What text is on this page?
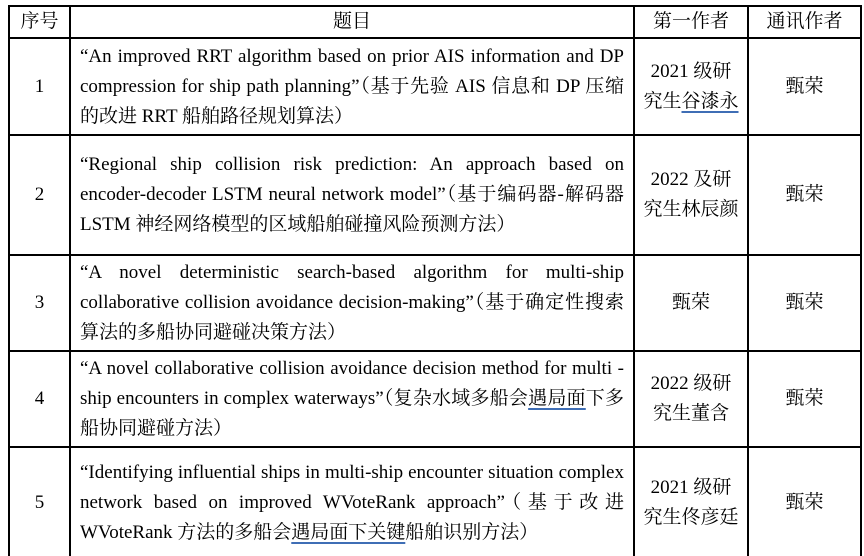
序号	题目	第一作者	通讯作者
1	“An improved RRT algorithm based on prior AIS information and DP compression for ship path planning”（基于先验 AIS 信息和 DP 压缩的改进 RRT 船舶路径规划算法）	2021 级研究生谷漆永	甄荣
2	“Regional ship collision risk prediction: An approach based on encoder-decoder LSTM neural network model”（基于编码器-解码器 LSTM 神经网络模型的区域船舶碰撞风险预测方法）	2022 及研究生林辰颜	甄荣
3	“A novel deterministic search-based algorithm for multi-ship collaborative collision avoidance decision-making”（基于确定性搜索算法的多船协同避碰决策方法）	甄荣	甄荣
4	“A novel collaborative collision avoidance decision method for multi -ship encounters in complex waterways”（复杂水域多船会遇局面下多船协同避碰方法）	2022 级研究生董含	甄荣
5	“Identifying influential ships in multi-ship encounter situation complex network based on improved WVoteRank approach”（基于改进 WVoteRank 方法的多船会遇局面下关键船舶识别方法）	2021 级研究生佟彦廷	甄荣
